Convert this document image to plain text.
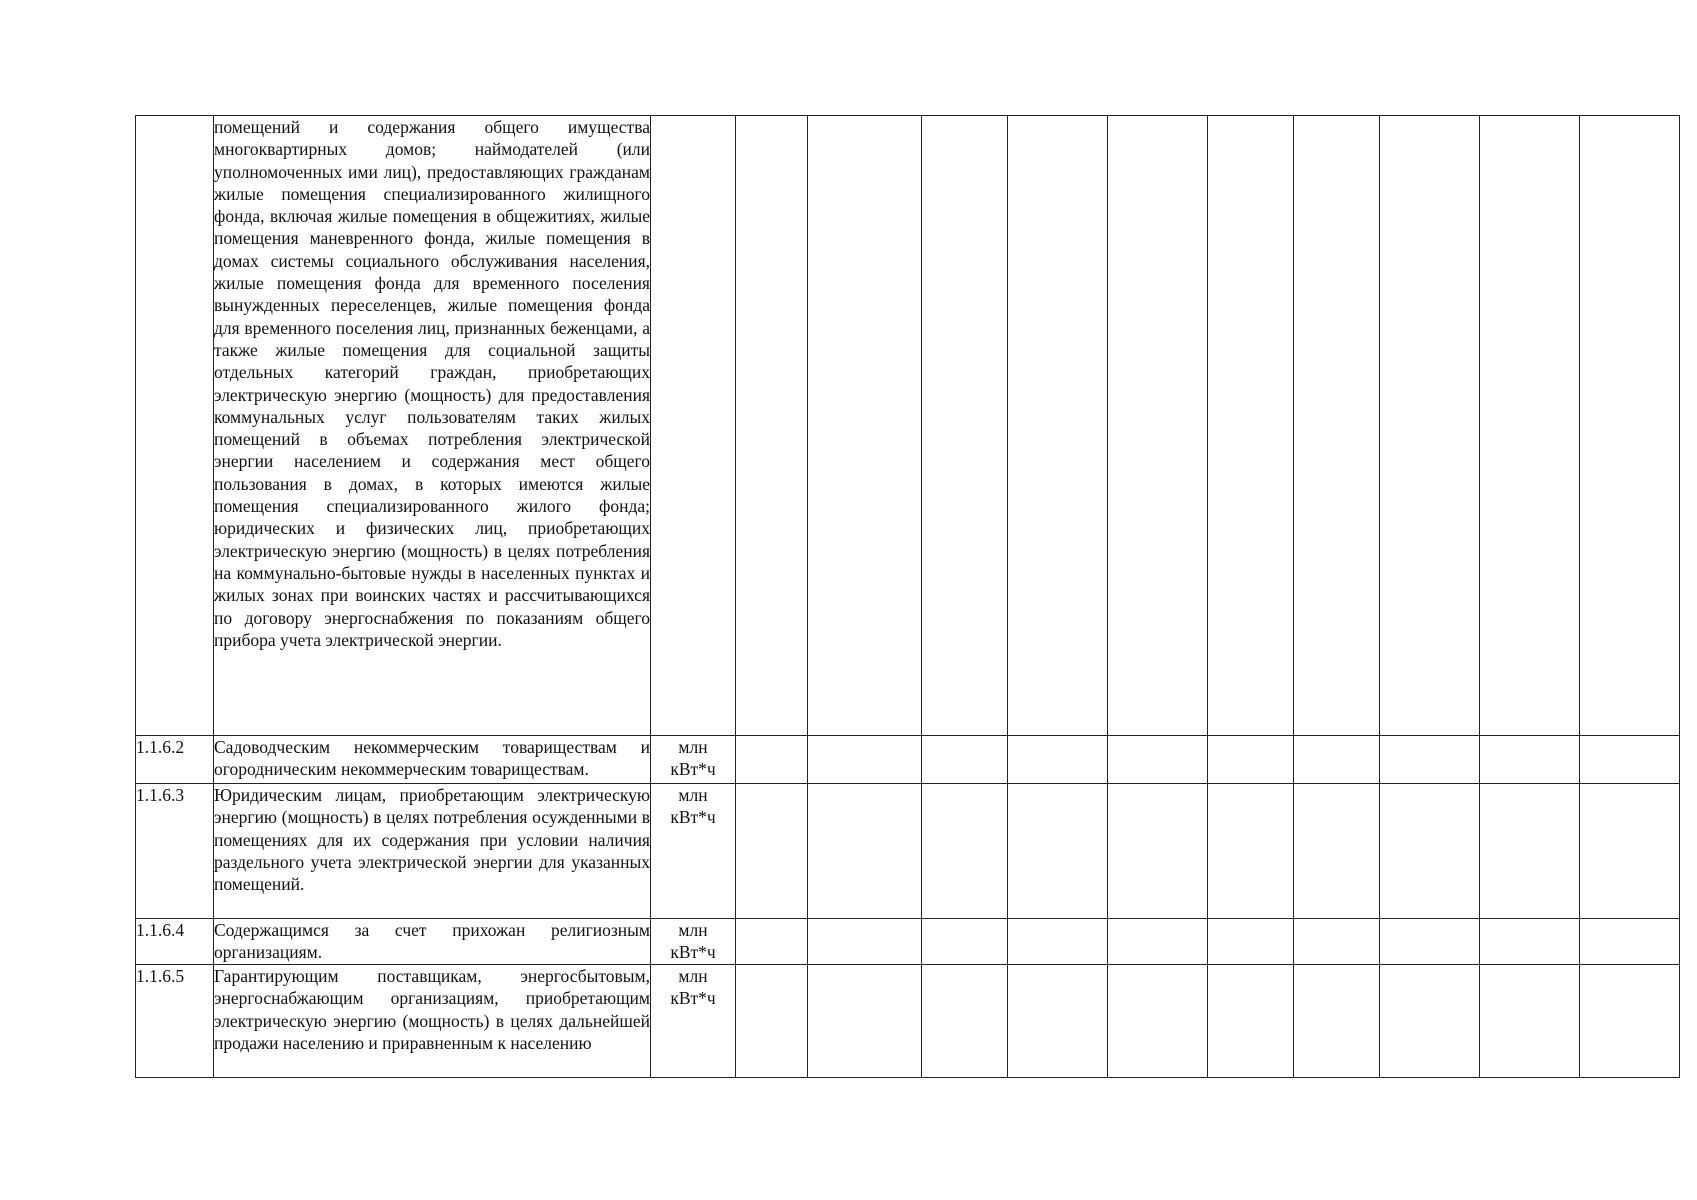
	помещений и содержания общего имущества многоквартирных домов; наймодателей (или уполномоченных ими лиц), предоставляющих гражданам жилые помещения специализированного жилищного фонда, включая жилые помещения в общежитиях, жилые помещения маневренного фонда, жилые помещения в домах системы социального обслуживания населения, жилые помещения фонда для временного поселения вынужденных переселенцев, жилые помещения фонда для временного поселения лиц, признанных беженцами, а также жилые помещения для социальной защиты отдельных категорий граждан, приобретающих электрическую энергию (мощность) для предоставления коммунальных услуг пользователям таких жилых помещений в объемах потребления электрической энергии населением и содержания мест общего пользования в домах, в которых имеются жилые помещения специализированного жилого фонда; юридических и физических лиц, приобретающих электрическую энергию (мощность) в целях потребления на коммунально-бытовые нужды в населенных пунктах и жилых зонах при воинских частях и рассчитывающихся по договору энергоснабжения по показаниям общего прибора учета электрической энергии.	

1.1.6.2	Садоводческим некоммерческим товариществам и огородническим некоммерческим товариществам.	млн
кВт*ч										

1.1.6.3	Юридическим лицам, приобретающим электрическую энергию (мощность) в целях потребления осужденными в помещениях для их содержания при условии наличия раздельного учета электрической энергии для указанных помещений.	млн
кВт*ч										

1.1.6.4	Содержащимся за счет прихожан религиозным организациям.	млн
кВт*ч										

1.1.6.5	Гарантирующим поставщикам, энергосбытовым, энергоснабжающим организациям, приобретающим электрическую энергию (мощность) в целях дальнейшей продажи населению и приравненным к населению	млн
кВт*ч										
